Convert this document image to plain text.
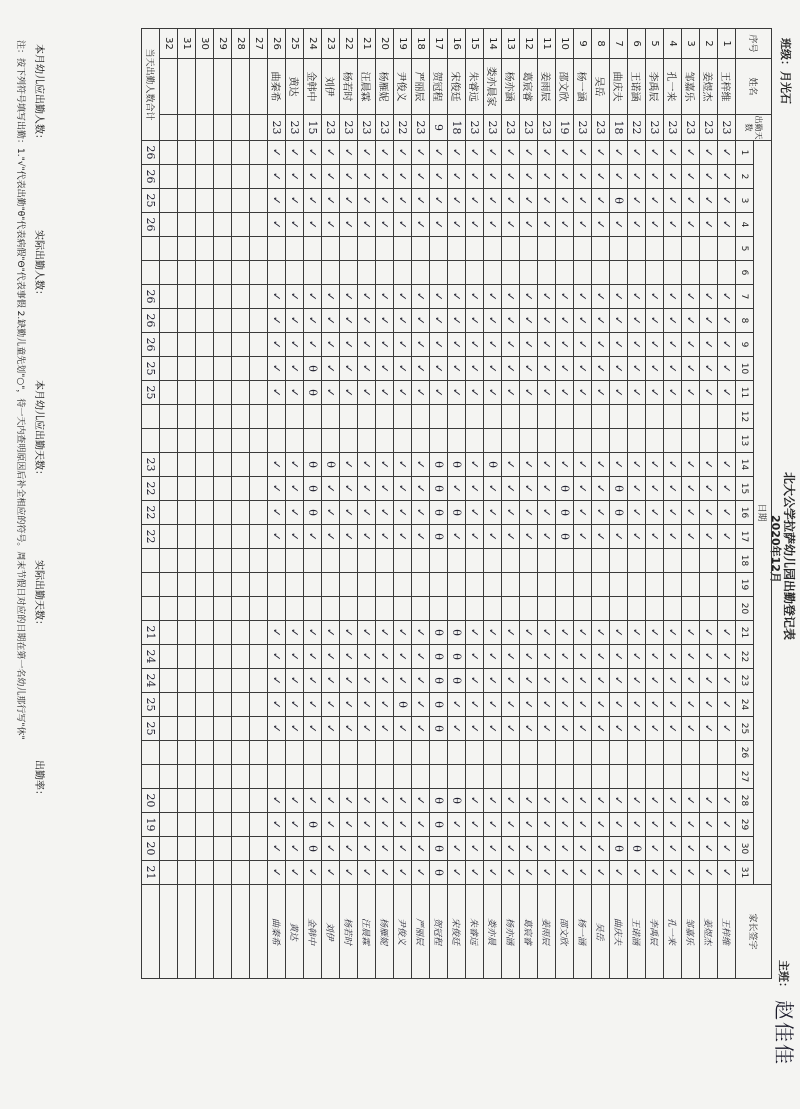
班级：月光石
北大公学拉萨幼儿园出勤登记表
2020年12月
主班：
赵佳佳
序号	姓名	出勤天数	日期																															家长签字
			1	2	3	4	5	6	7	8	9	10	11	12	13	14	15	16	17	18	19	20	21	22	23	24	25	26	27	28	29	30	31	
1	王梓维	23	✓	✓	✓	✓			✓	✓	✓	✓	✓			✓	✓	✓	✓				✓	✓	✓	✓	✓			✓	✓	✓	✓	王梓维
2	姜煜杰	23	✓	✓	✓	✓			✓	✓	✓	✓	✓			✓	✓	✓	✓				✓	✓	✓	✓	✓			✓	✓	✓	✓	姜煜杰
3	邹嘉乐	23	✓	✓	✓	✓			✓	✓	✓	✓	✓			✓	✓	✓	✓				✓	✓	✓	✓	✓			✓	✓	✓	✓	邹嘉乐
4	孔一来	23	✓	✓	✓	✓			✓	✓	✓	✓	✓			✓	✓	✓	✓				✓	✓	✓	✓	✓			✓	✓	✓	✓	孔一来
5	李禹辰	23	✓	✓	✓	✓			✓	✓	✓	✓	✓			✓	✓	✓	✓				✓	✓	✓	✓	✓			✓	✓	✓	✓	李禹辰
6	王诺涵	22	✓	✓	✓	✓			✓	✓	✓	✓	✓			✓	✓	✓	✓				✓	✓	✓	✓	✓			✓	✓	θ	✓	王诺涵
7	曲庆夫	18	✓	✓	θ	✓			✓	✓	✓	✓	✓			✓	θ	θ	✓				✓	✓	✓	✓	✓			✓	✓	θ	✓	曲庆夫
8	吴岳	23	✓	✓	✓	✓			✓	✓	✓	✓	✓			✓	✓	✓	✓				✓	✓	✓	✓	✓			✓	✓	✓	✓	吴岳
9	杨一涵	23	✓	✓	✓	✓			✓	✓	✓	✓	✓			✓	✓	✓	✓				✓	✓	✓	✓	✓			✓	✓	✓	✓	杨一涵
10	邵文欣	19	✓	✓	✓	✓			✓	✓	✓	✓	✓			✓	θ	θ	θ				✓	✓	✓	✓	✓			✓	✓	✓	✓	邵文欣
11	姜雨辰	23	✓	✓	✓	✓			✓	✓	✓	✓	✓			✓	✓	✓	✓				✓	✓	✓	✓	✓			✓	✓	✓	✓	姜雨辰
12	葛宸睿	23	✓	✓	✓	✓			✓	✓	✓	✓	✓			✓	✓	✓	✓				✓	✓	✓	✓	✓			✓	✓	✓	✓	葛宸睿
13	杨亦涵	23	✓	✓	✓	✓			✓	✓	✓	✓	✓			✓	✓	✓	✓				✓	✓	✓	✓	✓			✓	✓	✓	✓	杨亦涵
14	娄亦晨家	23	✓	✓	✓	✓			✓	✓	✓	✓	✓			θ	✓	✓	✓				✓	✓	✓	✓	✓			✓	✓	✓	✓	娄亦晨
15	朱睿远	23	✓	✓	✓	✓			✓	✓	✓	✓	✓			✓	✓	✓	✓				✓	✓	✓	✓	✓			✓	✓	✓	✓	朱睿远
16	宋俊廷	18	✓	✓	✓	✓			✓	✓	✓	✓	✓			θ	✓	θ	✓				θ	θ	θ	✓	✓			θ	✓	✓	✓	宋俊廷
17	贺冠程	9	✓	✓	✓	✓			✓	✓	✓	✓	✓			θ	θ	θ	θ				θ	θ	θ	θ	θ			θ	θ	θ	θ	贺冠程
18	严丽辰	23	✓	✓	✓	✓			✓	✓	✓	✓	✓			✓	✓	✓	✓				✓	✓	✓	✓	✓			✓	✓	✓	✓	严丽辰
19	尹俊义	22	✓	✓	✓	✓			✓	✓	✓	✓	✓			✓	✓	✓	✓				✓	✓	✓	θ	✓			✓	✓	✓	✓	尹俊义
20	杨雁妮	23	✓	✓	✓	✓			✓	✓	✓	✓	✓			✓	✓	✓	✓				✓	✓	✓	✓	✓			✓	✓	✓	✓	杨雁妮
21	汪晨霖	23	✓	✓	✓	✓			✓	✓	✓	✓	✓			✓	✓	✓	✓				✓	✓	✓	✓	✓			✓	✓	✓	✓	汪晨霖
22	杨若时	23	✓	✓	✓	✓			✓	✓	✓	✓	✓			✓	✓	✓	✓				✓	✓	✓	✓	✓			✓	✓	✓	✓	杨若时
23	刘伊	23	✓	✓	✓	✓			✓	✓	✓	✓	✓			θ	✓	✓	✓				✓	✓	✓	✓	✓			✓	✓	✓	✓	刘伊
24	金韩中	15	✓	✓	✓	✓			✓	✓	✓	θ	θ			θ	θ	θ	✓				✓	✓	✓	✓	✓			✓	θ	θ	✓	金韩中
25	黄达	23	✓	✓	✓	✓			✓	✓	✓	✓	✓			✓	✓	✓	✓				✓	✓	✓	✓	✓			✓	✓	✓	✓	黄达
26	曲秦希	23	✓	✓	✓	✓			✓	✓	✓	✓	✓			✓	✓	✓	✓				✓	✓	✓	✓	✓			✓	✓	✓	✓	曲秦希
27																																		
28																																		
29																																		
30																																		
31																																		
32																																		
当天出勤人数合计			26	26	25	26			26	26	26	25	25			23	22	22	22				21	24	24	25	25			20	19	20	21	
本月幼儿应出勤人数：
实际出勤人数：
本月幼儿应出勤天数：
实际出勤天数：
出勤率：
注：按下列符号填写出勤：1."√"代表出勤"θ"代表病假"Θ"代表事假 2.缺勤儿童先划"○"，待一天内查明原因后补全相应的符号。周末节假日对应的日期在第一名幼儿那行写"休"
